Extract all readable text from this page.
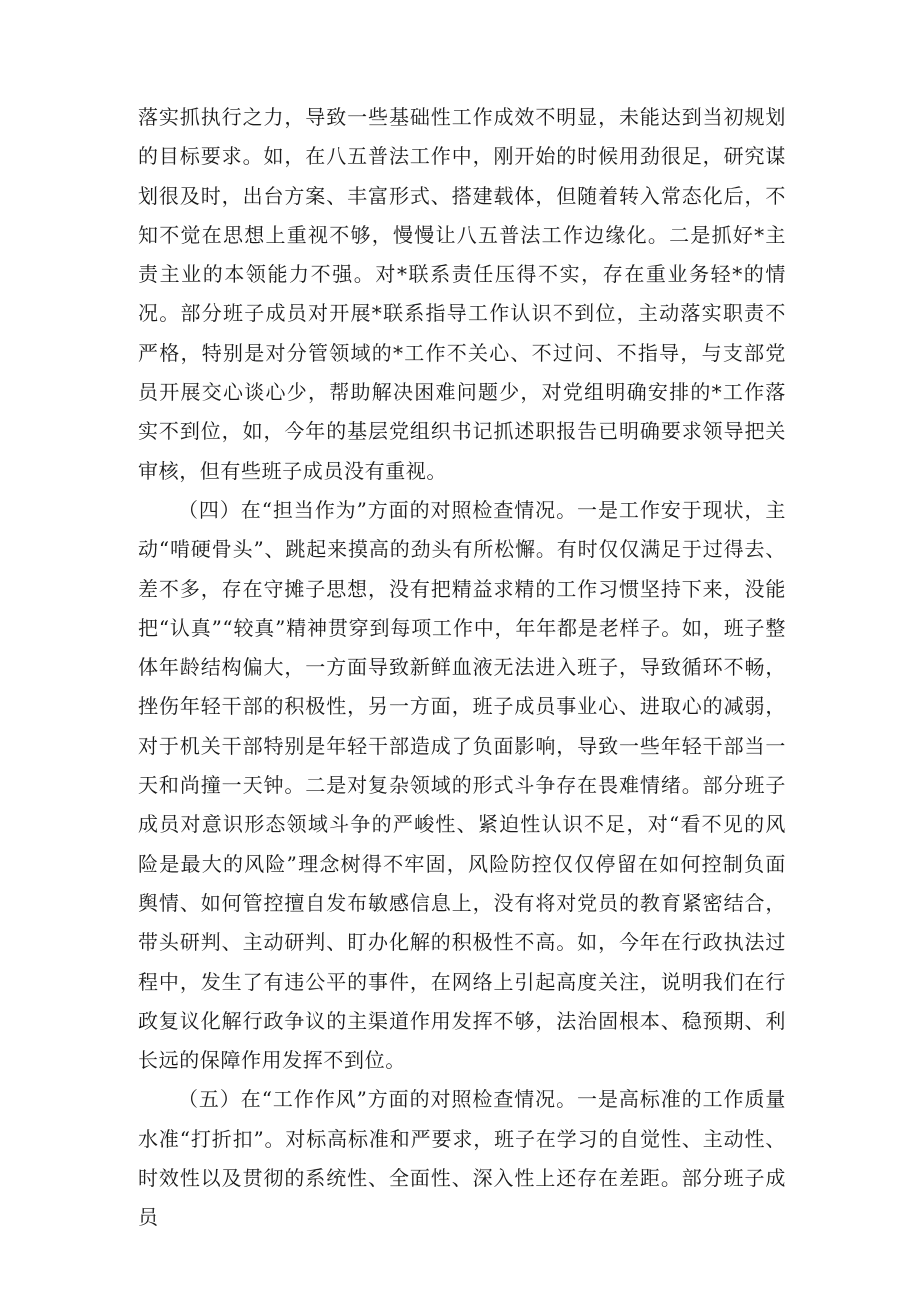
落实抓执行之力，导致一些基础性工作成效不明显，未能达到当初规划的目标要求。如，在八五普法工作中，刚开始的时候用劲很足，研究谋划很及时，出台方案、丰富形式、搭建载体，但随着转入常态化后，不知不觉在思想上重视不够，慢慢让八五普法工作边缘化。二是抓好*主责主业的本领能力不强。对*联系责任压得不实，存在重业务轻*的情况。部分班子成员对开展*联系指导工作认识不到位，主动落实职责不严格，特别是对分管领域的*工作不关心、不过问、不指导，与支部党员开展交心谈心少，帮助解决困难问题少，对党组明确安排的*工作落实不到位，如，今年的基层党组织书记抓述职报告已明确要求领导把关审核，但有些班子成员没有重视。

（四）在“担当作为”方面的对照检查情况。一是工作安于现状，主动“啃硬骨头”、跳起来摸高的劲头有所松懈。有时仅仅满足于过得去、差不多，存在守摊子思想，没有把精益求精的工作习惯坚持下来，没能把“认真”“较真”精神贯穿到每项工作中，年年都是老样子。如，班子整体年龄结构偏大，一方面导致新鲜血液无法进入班子，导致循环不畅，挫伤年轻干部的积极性，另一方面，班子成员事业心、进取心的减弱，对于机关干部特别是年轻干部造成了负面影响，导致一些年轻干部当一天和尚撞一天钟。二是对复杂领域的形式斗争存在畏难情绪。部分班子成员对意识形态领域斗争的严峻性、紧迫性认识不足，对“看不见的风险是最大的风险”理念树得不牢固，风险防控仅仅停留在如何控制负面舆情、如何管控擅自发布敏感信息上，没有将对党员的教育紧密结合，带头研判、主动研判、盯办化解的积极性不高。如，今年在行政执法过程中，发生了有违公平的事件，在网络上引起高度关注，说明我们在行政复议化解行政争议的主渠道作用发挥不够，法治固根本、稳预期、利长远的保障作用发挥不到位。

（五）在“工作作风”方面的对照检查情况。一是高标准的工作质量水准“打折扣”。对标高标准和严要求，班子在学习的自觉性、主动性、时效性以及贯彻的系统性、全面性、深入性上还存在差距。部分班子成员
